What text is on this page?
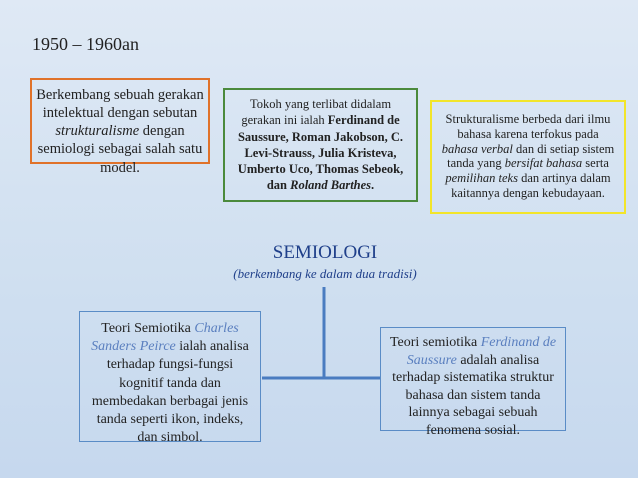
1950 – 1960an
Berkembang sebuah gerakan intelektual dengan sebutan strukturalisme dengan semiologi sebagai salah satu model.
Tokoh yang terlibat didalam gerakan ini ialah Ferdinand de Saussure, Roman Jakobson, C. Levi-Strauss, Julia Kristeva, Umberto Uco, Thomas Sebeok, dan Roland Barthes.
Strukturalisme berbeda dari ilmu bahasa karena terfokus pada bahasa verbal dan di setiap sistem tanda yang bersifat bahasa serta pemilihan teks dan artinya dalam kaitannya dengan kebudayaan.
SEMIOLOGI
(berkembang ke dalam dua tradisi)
Teori Semiotika Charles Sanders Peirce ialah analisa terhadap fungsi-fungsi kognitif tanda dan membedakan berbagai jenis tanda seperti ikon, indeks, dan simbol.
Teori semiotika Ferdinand de Saussure adalah analisa terhadap sistematika struktur bahasa dan sistem tanda lainnya sebagai sebuah fenomena sosial.
